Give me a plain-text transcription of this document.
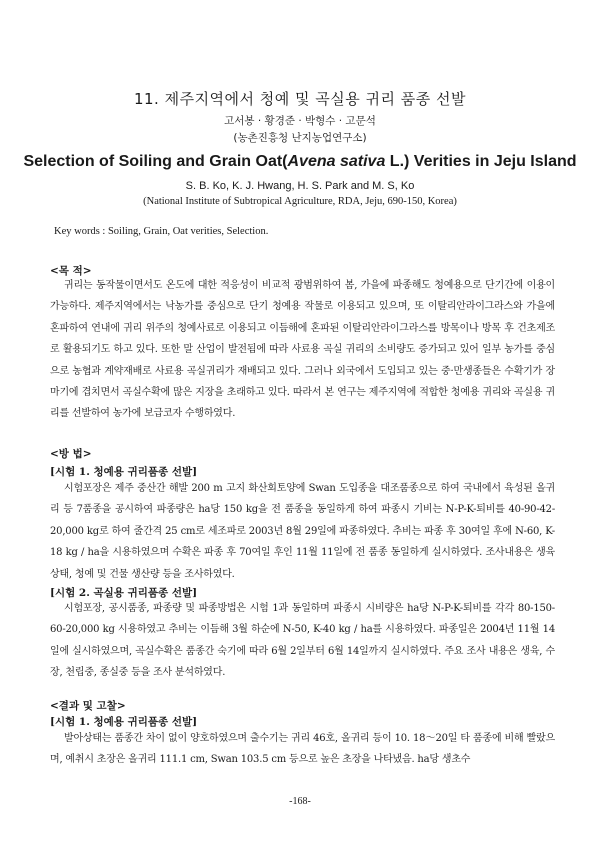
11. 제주지역에서 청예 및 곡실용 귀리 품종 선발
고서봉 · 황경준 · 박형수 · 고문석
(농촌진흥청 난지농업연구소)
Selection of Soiling and Grain Oat(Avena sativa L.) Verities in Jeju Island
S. B. Ko, K. J. Hwang, H. S. Park and M. S, Ko
(National Institute of Subtropical Agriculture, RDA, Jeju, 690-150, Korea)
Key words : Soiling, Grain, Oat verities, Selection.
<목 적>
귀리는 동작물이면서도 온도에 대한 적응성이 비교적 광범위하여 봄, 가을에 파종해도 청예용으로 단기간에 이용이 가능하다. 제주지역에서는 낙농가를 중심으로 단기 청예용 작물로 이용되고 있으며, 또 이탈리안라이그라스와 가을에 혼파하여 연내에 귀리 위주의 청예사료로 이용되고 이듬해에 혼파된 이탈리안라이그라스를 방목이나 방목 후 건초제조로 활용되기도 하고 있다. 또한 말 산업이 발전됨에 따라 사료용 곡실 귀리의 소비량도 증가되고 있어 일부 농가를 중심으로 농협과 계약재배로 사료용 곡실귀리가 재배되고 있다. 그러나 외국에서 도입되고 있는 중·만생종들은 수확기가 장마기에 겹치면서 곡실수확에 많은 지장을 초래하고 있다. 따라서 본 연구는 제주지역에 적합한 청예용 귀리와 곡실용 귀리를 선발하여 농가에 보급코자 수행하였다.
<방 법>
[시험 1. 청예용 귀리품종 선발]
시험포장은 제주 중산간 해발 200 m 고지 화산회토양에 Swan 도입종을 대조품종으로 하여 국내에서 육성된 올귀리 등 7품종을 공시하여 파종량은 ha당 150 kg을 전 품종을 동일하게 하여 파종시 기비는 N-P-K-퇴비를 40-90-42-20,000 kg로 하여 줄간격 25 cm로 세조파로 2003년 8월 29일에 파종하였다. 추비는 파종 후 30여일 후에 N-60, K-18 kg / ha을 시용하였으며 수확은 파종 후 70여일 후인 11월 11일에 전 품종 동일하게 실시하였다. 조사내용은 생육상태, 청예 및 건물 생산량 등을 조사하였다.
[시험 2. 곡실용 귀리품종 선발]
시험포장, 공시품종, 파종량 및 파종방법은 시험 1과 동일하며 파종시 시비량은 ha당 N-P-K-퇴비를 각각 80-150-60-20,000 kg 시용하였고 추비는 이듬해 3월 하순에 N-50, K-40 kg / ha를 시용하였다. 파종일은 2004년 11월 14일에 실시하였으며, 곡실수확은 품종간 숙기에 따라 6월 2일부터 6월 14일까지 실시하였다. 주요 조사 내용은 생육, 수장, 천립중, 종실중 등을 조사 분석하였다.
<결과 및 고찰>
[시험 1. 청예용 귀리품종 선발]
발아상태는 품종간 차이 없이 양호하였으며 출수기는 귀리 46호, 올귀리 등이 10. 18～20일 타 품종에 비해 빨랐으며, 예취시 초장은 올귀리 111.1 cm, Swan 103.5 cm 등으로 높은 초장을 나타냈음. ha당 생초수
-168-
